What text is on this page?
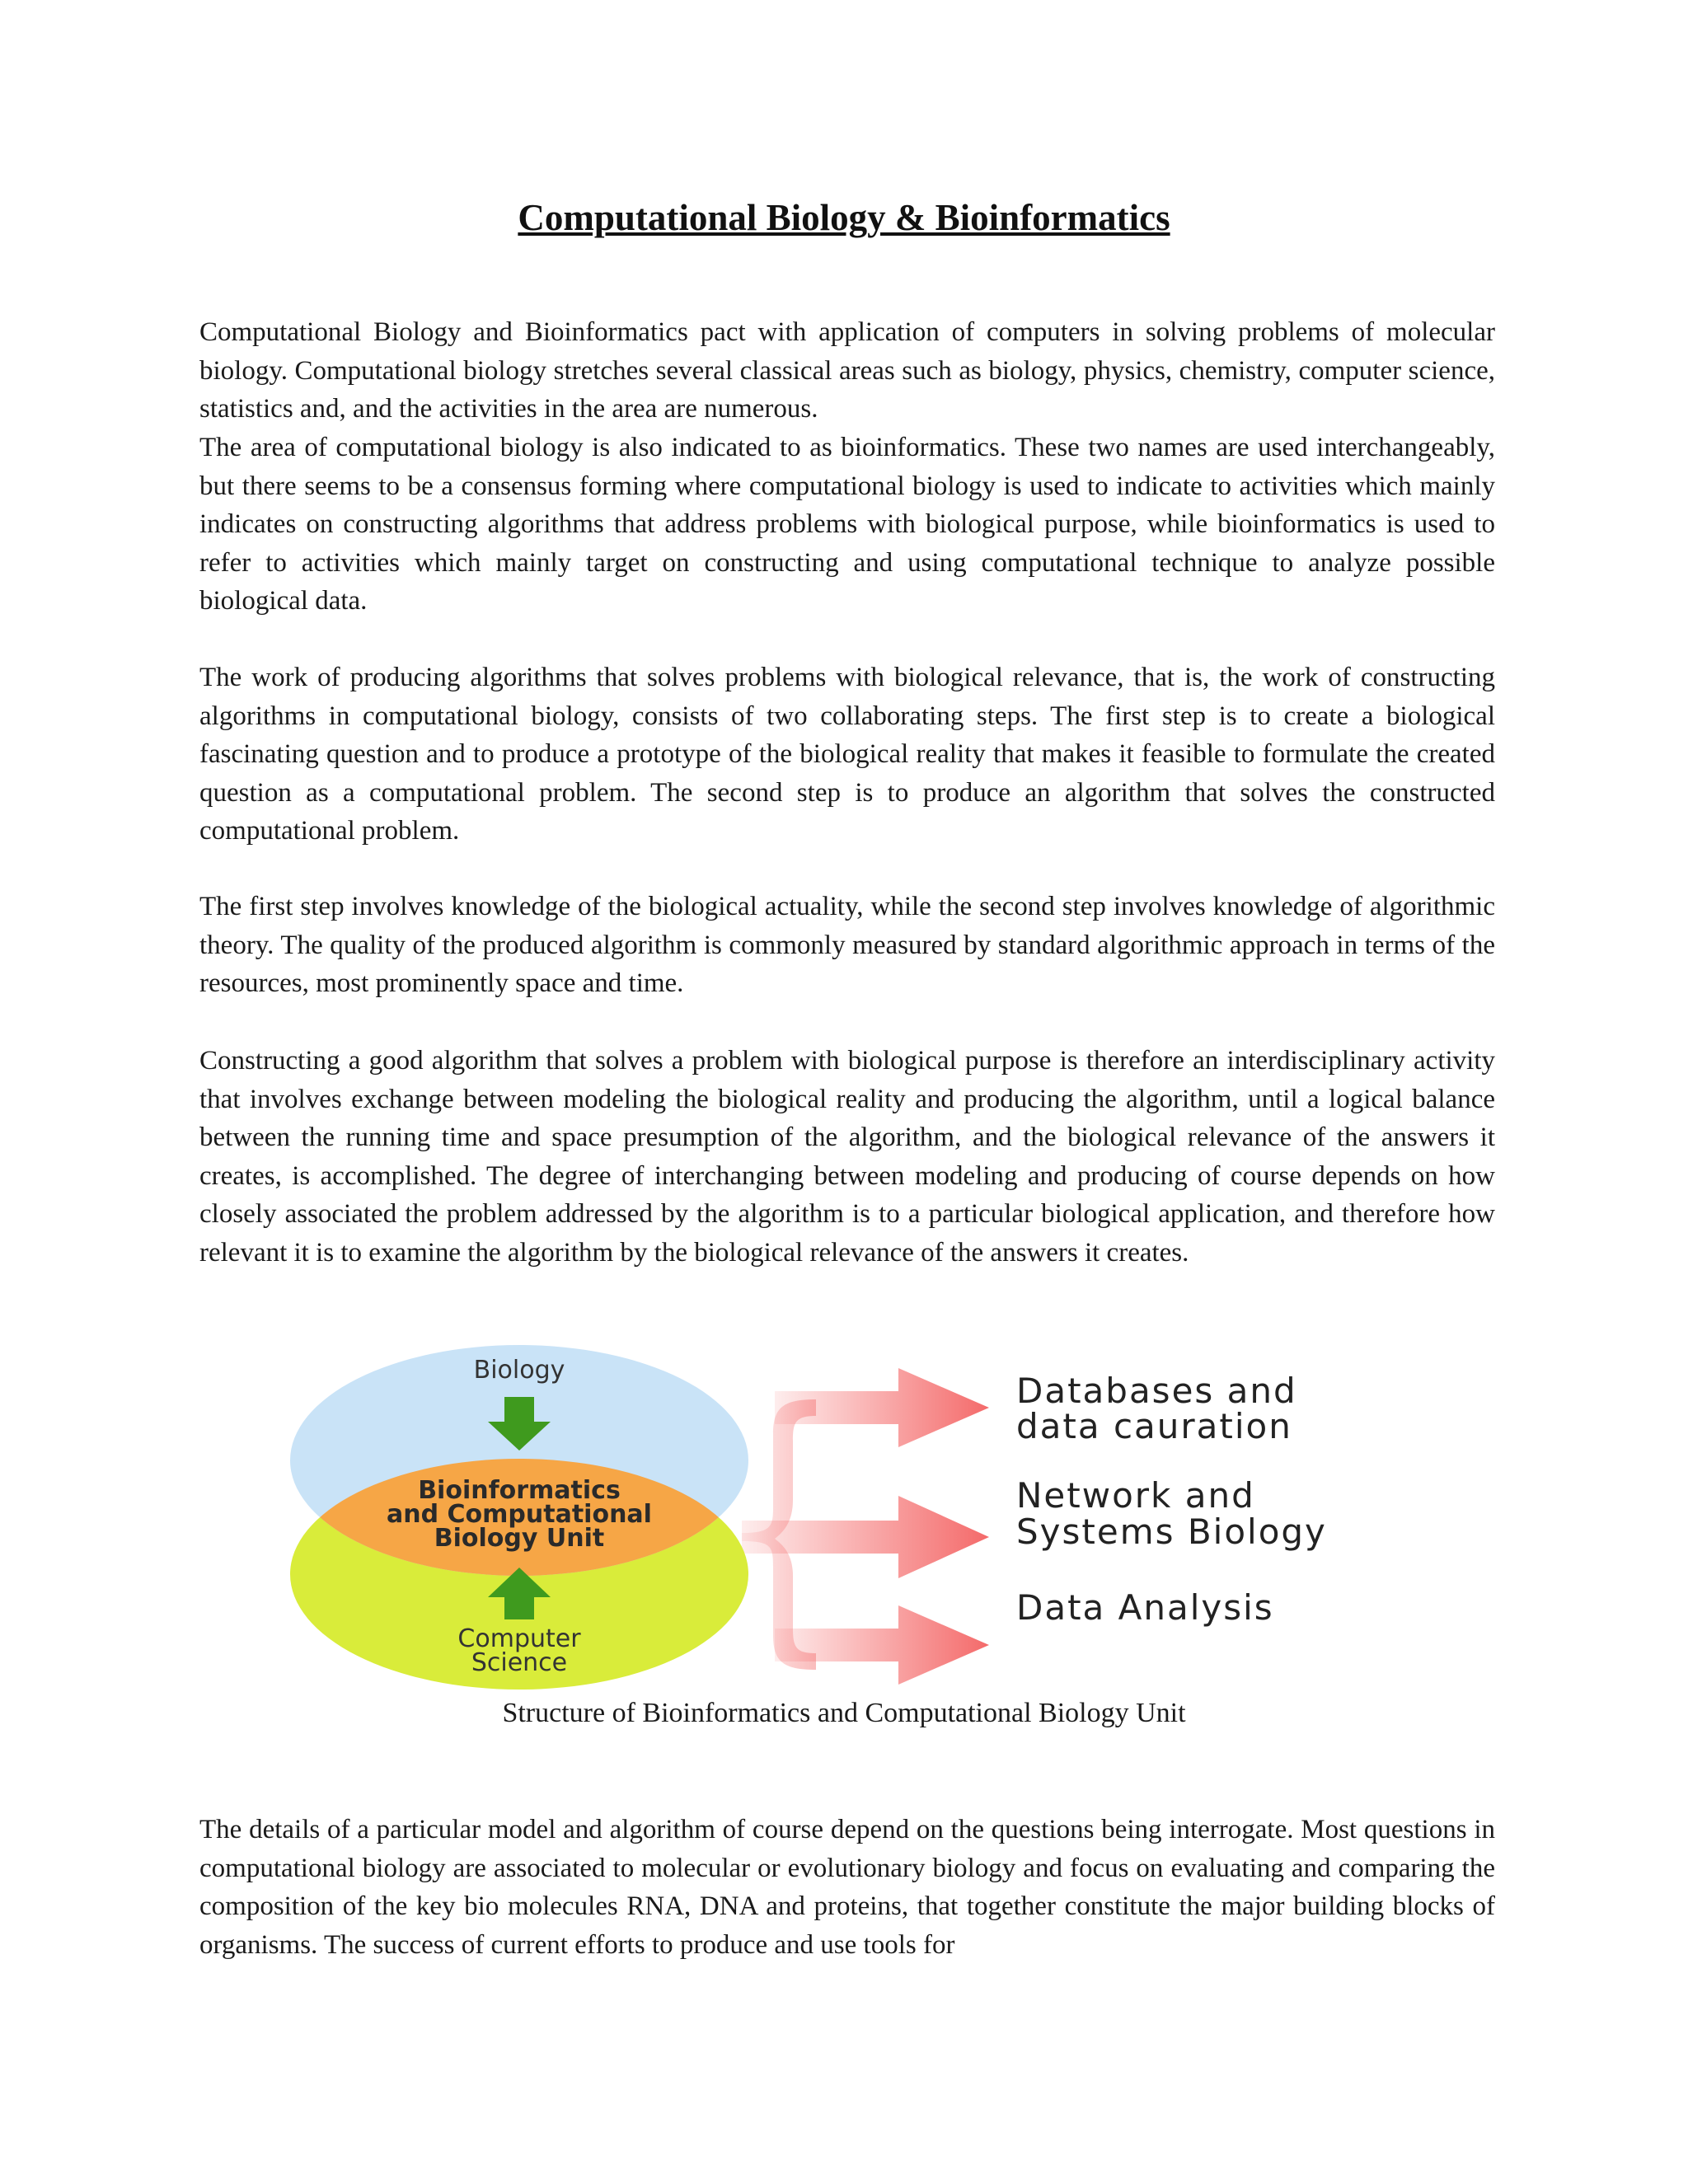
Computational Biology & Bioinformatics

Computational Biology and Bioinformatics pact with application of computers in solving problems of molecular biology. Computational biology stretches several classical areas such as biology, physics, chemistry, computer science, statistics and, and the activities in the area are numerous.

The area of computational biology is also indicated to as bioinformatics. These two names are used interchangeably, but there seems to be a consensus forming where computational biology is used to indicate to activities which mainly indicates on constructing algorithms that address problems with biological purpose, while bioinformatics is used to refer to activities which mainly target on constructing and using computational technique to analyze possible biological data.

The work of producing algorithms that solves problems with biological relevance, that is, the work of constructing algorithms in computational biology, consists of two collaborating steps. The first step is to create a biological fascinating question and to produce a prototype of the biological reality that makes it feasible to formulate the created question as a computational problem. The second step is to produce an algorithm that solves the constructed computational problem.

The first step involves knowledge of the biological actuality, while the second step involves knowledge of algorithmic theory. The quality of the produced algorithm is commonly measured by standard algorithmic approach in terms of the resources, most prominently space and time.

Constructing a good algorithm that solves a problem with biological purpose is therefore an interdisciplinary activity that involves exchange between modeling the biological reality and producing the algorithm, until a logical balance between the running time and space presumption of the algorithm, and the biological relevance of the answers it creates, is accomplished. The degree of interchanging between modeling and producing of course depends on how closely associated the problem addressed by the algorithm is to a particular biological application, and therefore how relevant it is to examine the algorithm by the biological relevance of the answers it creates.

Biology
Bioinformatics
and Computational
Biology Unit
Computer
Science
Databases and
data cauration
Network and
Systems Biology
Data Analysis

Structure of Bioinformatics and Computational Biology Unit

The details of a particular model and algorithm of course depend on the questions being interrogate. Most questions in computational biology are associated to molecular or evolutionary biology and focus on evaluating and comparing the composition of the key bio molecules RNA, DNA and proteins, that together constitute the major building blocks of organisms. The success of current efforts to produce and use tools for
